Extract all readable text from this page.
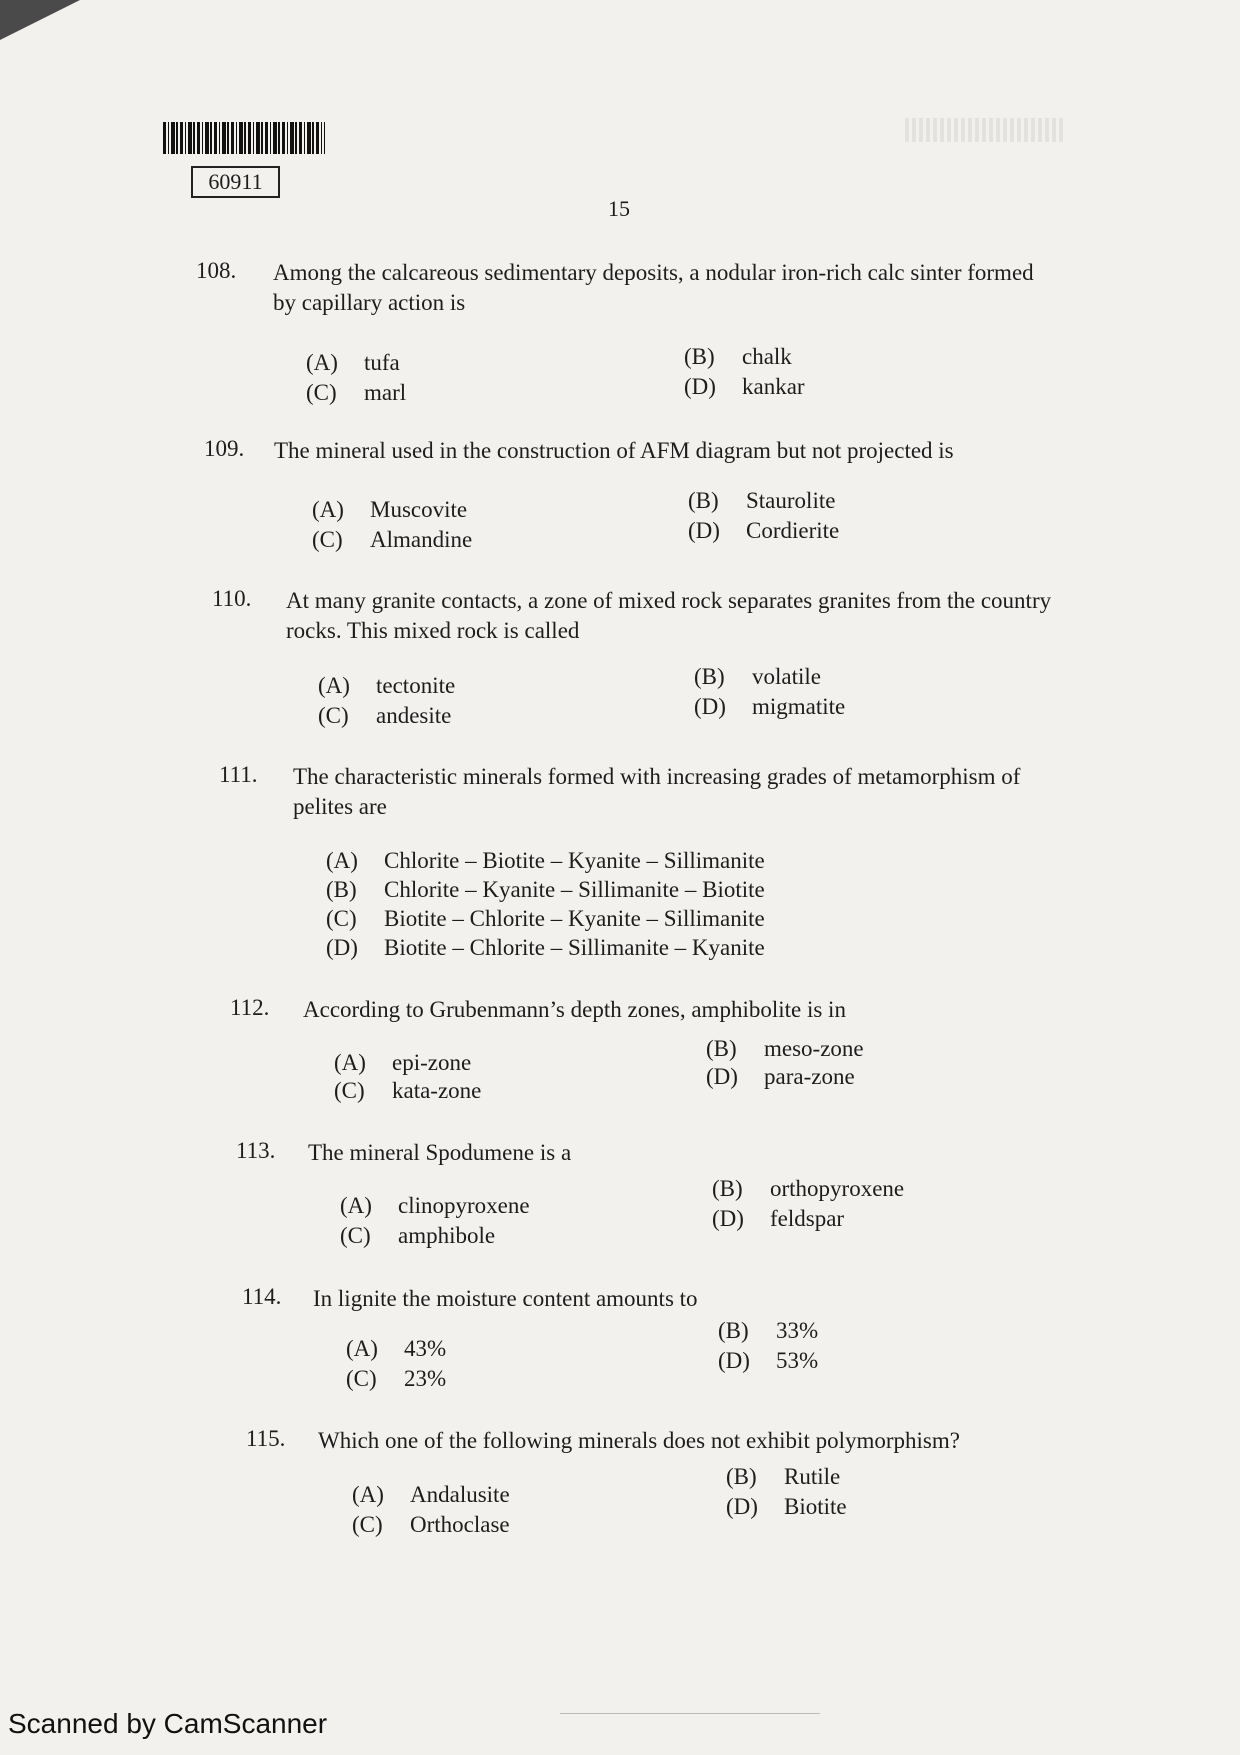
60911
15
108. Among the calcareous sedimentary deposits, a nodular iron-rich calc sinter formed by capillary action is
(A) tufa	(B) chalk
(C) marl	(D) kankar
109. The mineral used in the construction of AFM diagram but not projected is
(A) Muscovite	(B) Staurolite
(C) Almandine	(D) Cordierite
110. At many granite contacts, a zone of mixed rock separates granites from the country rocks. This mixed rock is called
(A) tectonite	(B) volatile
(C) andesite	(D) migmatite
111. The characteristic minerals formed with increasing grades of metamorphism of pelites are
(A) Chlorite – Biotite – Kyanite – Sillimanite
(B) Chlorite – Kyanite – Sillimanite – Biotite
(C) Biotite – Chlorite – Kyanite – Sillimanite
(D) Biotite – Chlorite – Sillimanite – Kyanite
112. According to Grubenmann’s depth zones, amphibolite is in
(A) epi-zone
(B) meso-zone
(C) kata-zone
(D) para-zone
113. The mineral Spodumene is a
(A) clinopyroxene
(B) orthopyroxene
(C) amphibole
(D) feldspar
114. In lignite the moisture content amounts to
(A) 43%
(B) 33%
(C) 23%
(D) 53%
115. Which one of the following minerals does not exhibit polymorphism?
(A) Andalusite
(B) Rutile
(C) Orthoclase
(D) Biotite
Scanned by CamScanner
